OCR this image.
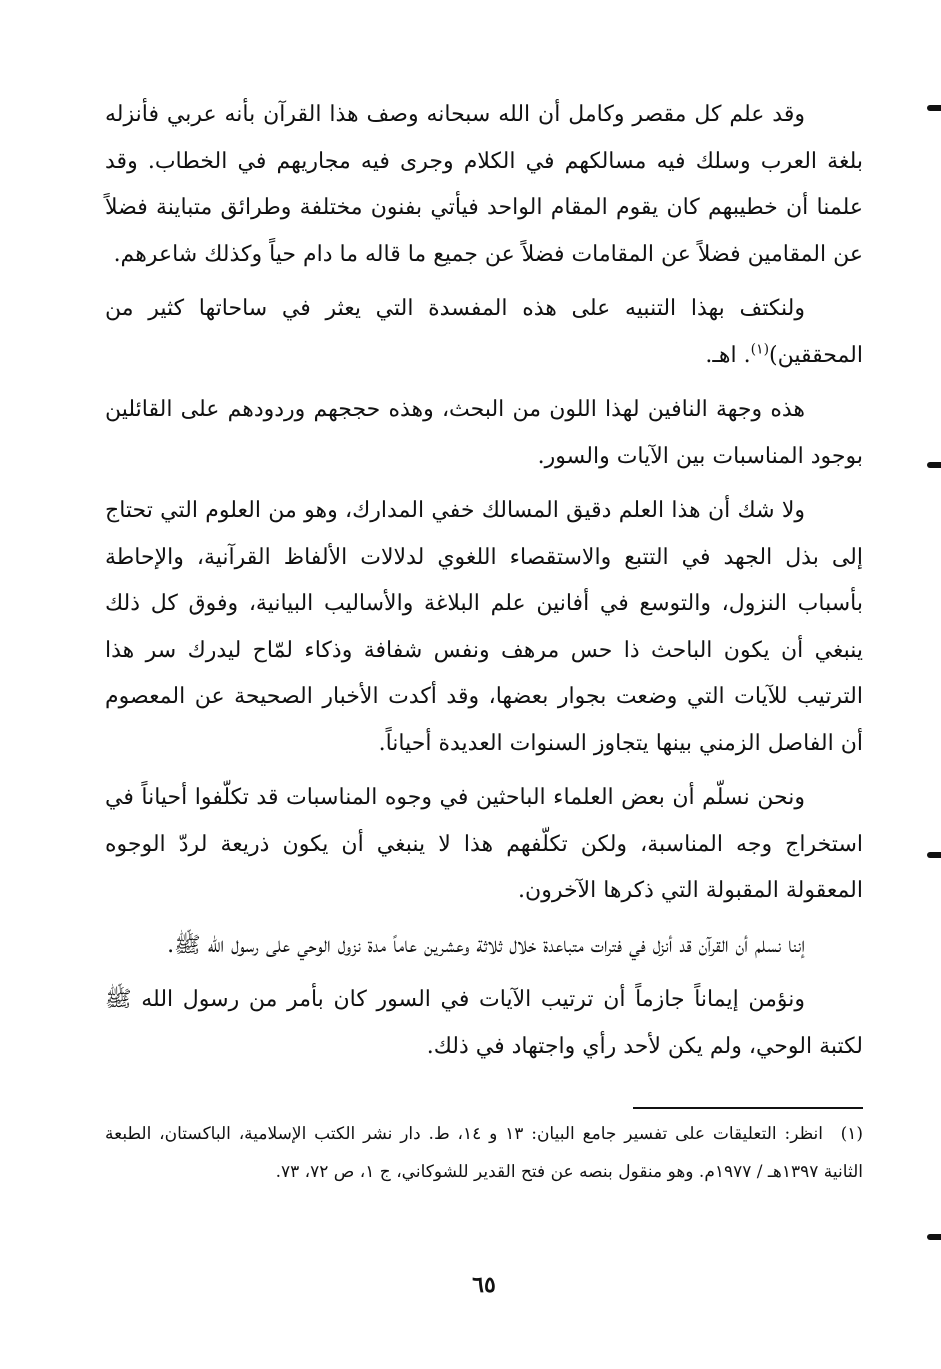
وقد علم كل مقصر وكامل أن الله سبحانه وصف هذا القرآن بأنه عربي فأنزله بلغة العرب وسلك فيه مسالكهم في الكلام وجرى فيه مجاريهم في الخطاب. وقد علمنا أن خطيبهم كان يقوم المقام الواحد فيأتي بفنون مختلفة وطرائق متباينة فضلاً عن المقامين فضلاً عن المقامات فضلاً عن جميع ما قاله ما دام حياً وكذلك شاعرهم.

ولنكتف بهذا التنبيه على هذه المفسدة التي يعثر في ساحاتها كثير من المحققين)$^{(١)}$. اهـ.

هذه وجهة النافين لهذا اللون من البحث، وهذه حججهم وردودهم على القائلين بوجود المناسبات بين الآيات والسور.

ولا شك أن هذا العلم دقيق المسالك خفي المدارك، وهو من العلوم التي تحتاج إلى بذل الجهد في التتبع والاستقصاء اللغوي لدلالات الألفاظ القرآنية، والإحاطة بأسباب النزول، والتوسع في أفانين علم البلاغة والأساليب البيانية، وفوق كل ذلك ينبغي أن يكون الباحث ذا حس مرهف ونفس شفافة وذكاء لمّاح ليدرك سر هذا الترتيب للآيات التي وضعت بجوار بعضها، وقد أكدت الأخبار الصحيحة عن المعصوم أن الفاصل الزمني بينها يتجاوز السنوات العديدة أحياناً.

ونحن نسلّم أن بعض العلماء الباحثين في وجوه المناسبات قد تكلّفوا أحياناً في استخراج وجه المناسبة، ولكن تكلّفهم هذا لا ينبغي أن يكون ذريعة لردّ الوجوه المعقولة المقبولة التي ذكرها الآخرون.

إننا نسلم أن القرآن قد أنزل في فترات متباعدة خلال ثلاثة وعشرين عاماً مدة نزول الوحي على رسول الله ﷺ.

ونؤمن إيماناً جازماً أن ترتيب الآيات في السور كان بأمر من رسول الله ﷺ لكتبة الوحي، ولم يكن لأحد رأي واجتهاد في ذلك.

(١)انظر: التعليقات على تفسير جامع البيان: ١٣ و ١٤، ط. دار نشر الكتب الإسلامية، الباكستان، الطبعة الثانية ١٣٩٧هـ / ١٩٧٧م. وهو منقول بنصه عن فتح القدير للشوكاني، ج ١، ص ٧٢، ٧٣.
٦٥
